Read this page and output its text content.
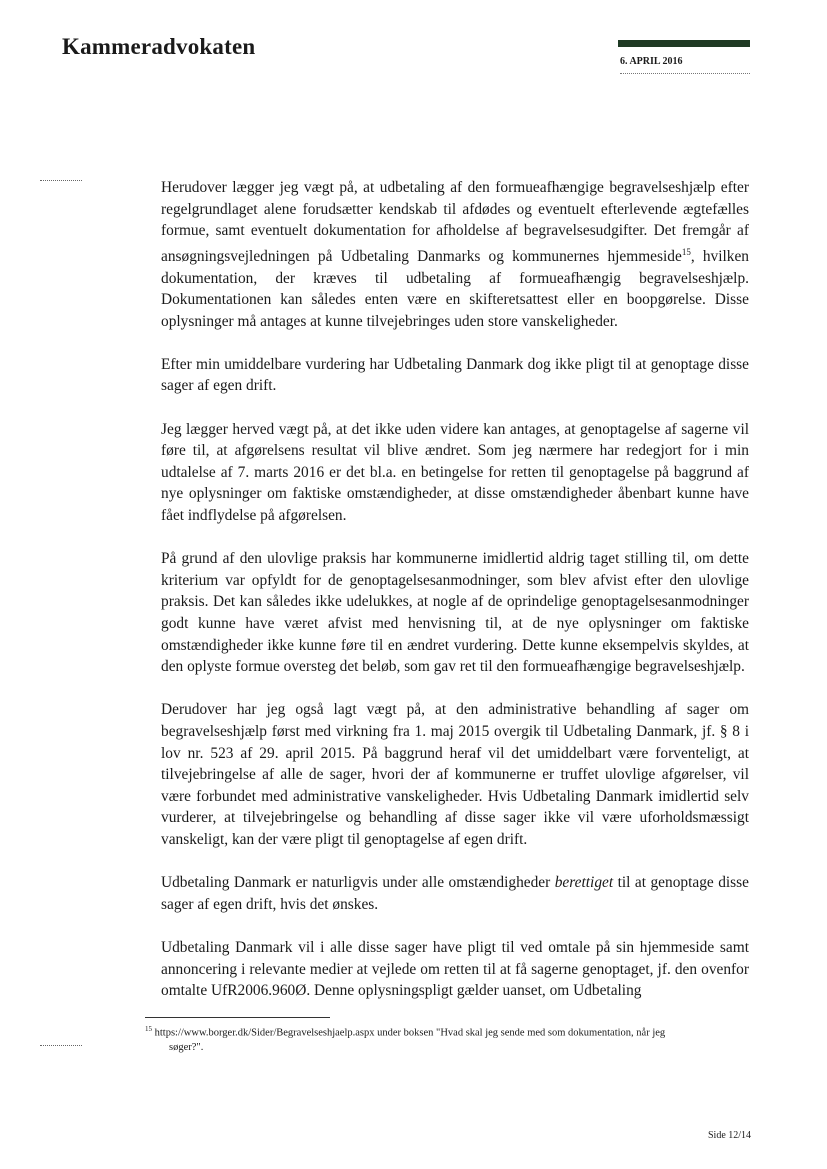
Kammeradvokaten
6. APRIL 2016

Herudover lægger jeg vægt på, at udbetaling af den formueafhængige begravelseshjælp efter regelgrundlaget alene forudsætter kendskab til afdødes og eventuelt efterlevende ægtefælles formue, samt eventuelt dokumentation for afholdelse af begravelsesudgifter. Det fremgår af ansøgningsvejledningen på Udbetaling Danmarks og kommunernes hjemmeside$^{15}$, hvilken dokumentation, der kræves til udbetaling af formueafhængig begravelseshjælp. Dokumentationen kan således enten være en skifteretsattest eller en boopgørelse. Disse oplysninger må antages at kunne tilvejebringes uden store vanskeligheder.

Efter min umiddelbare vurdering har Udbetaling Danmark dog ikke pligt til at genoptage disse sager af egen drift.

Jeg lægger herved vægt på, at det ikke uden videre kan antages, at genoptagelse af sagerne vil føre til, at afgørelsens resultat vil blive ændret. Som jeg nærmere har redegjort for i min udtalelse af 7. marts 2016 er det bl.a. en betingelse for retten til genoptagelse på baggrund af nye oplysninger om faktiske omstændigheder, at disse omstændigheder åbenbart kunne have fået indflydelse på afgørelsen.

På grund af den ulovlige praksis har kommunerne imidlertid aldrig taget stilling til, om dette kriterium var opfyldt for de genoptagelsesanmodninger, som blev afvist efter den ulovlige praksis. Det kan således ikke udelukkes, at nogle af de oprindelige genoptagelsesanmodninger godt kunne have været afvist med henvisning til, at de nye oplysninger om faktiske omstændigheder ikke kunne føre til en ændret vurdering. Dette kunne eksempelvis skyldes, at den oplyste formue oversteg det beløb, som gav ret til den formueafhængige begravelseshjælp.

Derudover har jeg også lagt vægt på, at den administrative behandling af sager om begravelseshjælp først med virkning fra 1. maj 2015 overgik til Udbetaling Danmark, jf. § 8 i lov nr. 523 af 29. april 2015. På baggrund heraf vil det umiddelbart være forventeligt, at tilvejebringelse af alle de sager, hvori der af kommunerne er truffet ulovlige afgørelser, vil være forbundet med administrative vanskeligheder. Hvis Udbetaling Danmark imidlertid selv vurderer, at tilvejebringelse og behandling af disse sager ikke vil være uforholdsmæssigt vanskeligt, kan der være pligt til genoptagelse af egen drift.

Udbetaling Danmark er naturligvis under alle omstændigheder berettiget til at genoptage disse sager af egen drift, hvis det ønskes.

Udbetaling Danmark vil i alle disse sager have pligt til ved omtale på sin hjemmeside samt annoncering i relevante medier at vejlede om retten til at få sagerne genoptaget, jf. den ovenfor omtalte UfR2006.960Ø. Denne oplysningspligt gælder uanset, om Udbetaling

$^{15}$ https://www.borger.dk/Sider/Begravelseshjaelp.aspx under boksen "Hvad skal jeg sende med som dokumentation, når jeg
søger?".
Side 12/14
